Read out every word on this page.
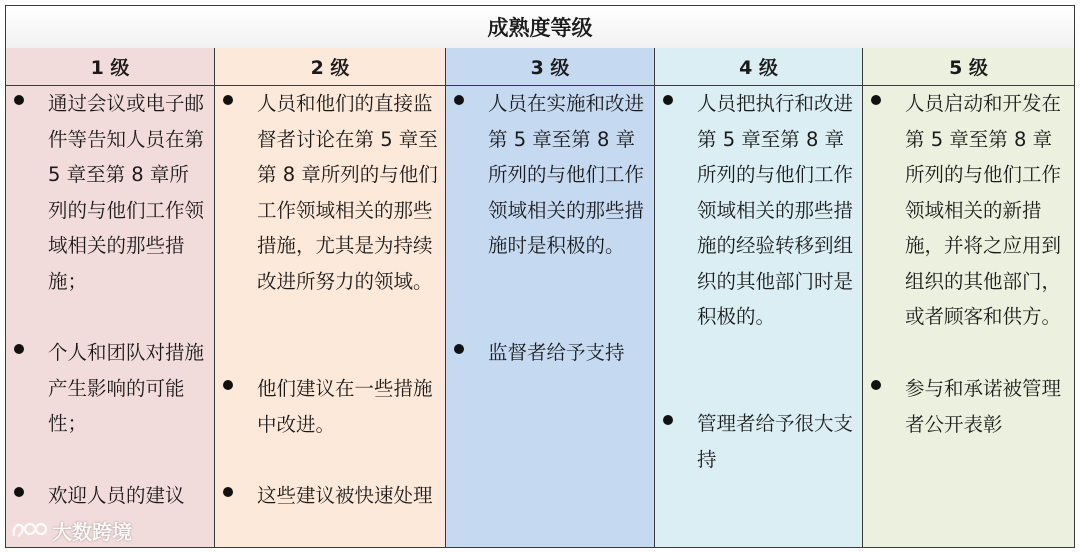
成熟度等级
1 级
通过会议或电子邮件等告知人员在第 5 章至第 8 章所列的与他们工作领域相关的那些措施；
个人和团队对措施产生影响的可能性；
欢迎人员的建议
2 级
人员和他们的直接监督者讨论在第 5 章至第 8 章所列的与他们工作领域相关的那些措施，尤其是为持续改进所努力的领域。
他们建议在一些措施中改进。
这些建议被快速处理
3 级
人员在实施和改进第 5 章至第 8 章所列的与他们工作领域相关的那些措施时是积极的。
监督者给予支持
4 级
人员把执行和改进第 5 章至第 8 章所列的与他们工作领域相关的那些措施的经验转移到组织的其他部门时是积极的。
管理者给予很大支持
5 级
人员启动和开发在第 5 章至第 8 章所列的与他们工作领域相关的新措施，并将之应用到组织的其他部门，或者顾客和供方。
参与和承诺被管理者公开表彰
大数跨境
